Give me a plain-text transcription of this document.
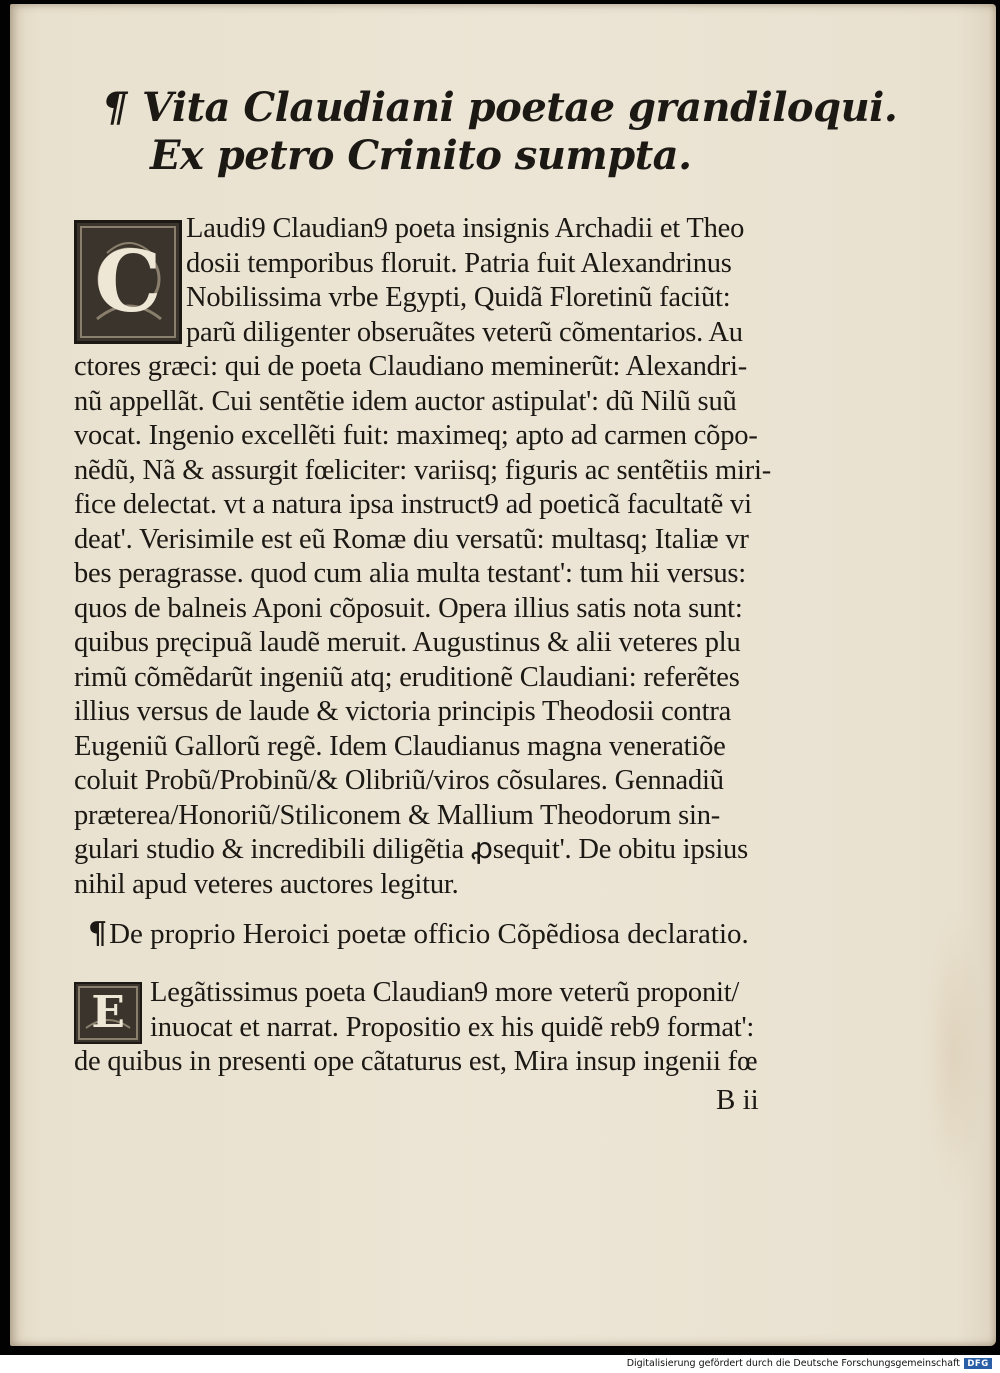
¶ Vita Claudiani poetae grandiloqui.
Ex petro Crinito sumpta.
C
Laudi9 Claudian9 poeta insignis Archadii et Theo
dosii temporibus floruit. Patria fuit Alexandrinus
Nobilissima vrbe Egypti, Quidã Floretinũ faciũt:
parũ diligenter obseruãtes veterũ cõmentarios. Au
ctores græci: qui de poeta Claudiano meminerũt: Alexandri-
nũ appellãt. Cui sentẽtie idem auctor astipulat': dũ Nilũ suũ
vocat. Ingenio excellẽti fuit: maximeq; apto ad carmen cõpo-
nẽdũ, Nã & assurgit fœliciter: variisq; figuris ac sentẽtiis miri-
fice delectat. vt a natura ipsa instruct9 ad poeticã facultatẽ vi
deat'. Verisimile est eũ Romæ diu versatũ: multasq; Italiæ vr
bes peragrasse. quod cum alia multa testant': tum hii versus:
quos de balneis Aponi cõposuit. Opera illius satis nota sunt:
quibus pręcipuã laudẽ meruit. Augustinus & alii veteres plu
rimũ cõmẽdarũt ingeniũ atq; eruditionẽ Claudiani: referẽtes
illius versus de laude & victoria principis Theodosii contra
Eugeniũ Gallorũ regẽ. Idem Claudianus magna veneratiõe
coluit Probũ/Probinũ/& Olibriũ/viros cõsulares. Gennadiũ
præterea/Honoriũ/Stiliconem & Mallium Theodorum sin-
gulari studio & incredibili diligẽtia ꝓsequit'. De obitu ipsius
nihil apud veteres auctores legitur.
¶De proprio Heroici poetæ officio Cõpẽdiosa declaratio.
E Legãtissimus poeta Claudian9 more veterũ proponit/
inuocat et narrat. Propositio ex his quidẽ reb9 format':
de quibus in presenti ope cãtaturus est, Mira insup ingenii fœ
B ii
Digitalisierung gefördert durch die Deutsche Forschungsgemeinschaft DFG
